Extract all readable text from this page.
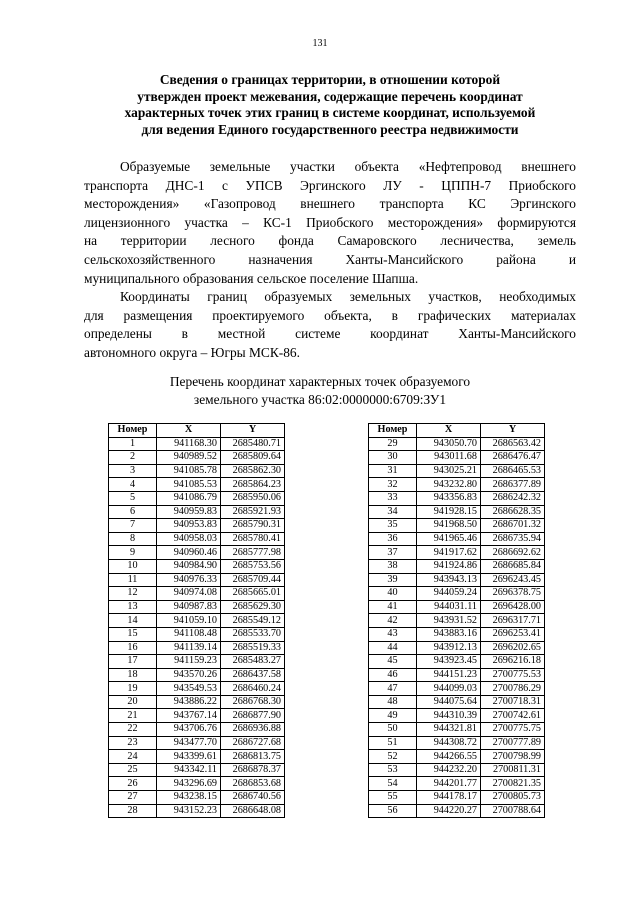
131
Сведения о границах территории, в отношении которой
утвержден проект межевания, содержащие перечень координат
характерных точек этих границ в системе координат, используемой
для ведения Единого государственного реестра недвижимости
Образуемые земельные участки объекта «Нефтепровод внешнего
транспорта ДНС-1 с УПСВ Эргинского ЛУ - ЦППН-7 Приобского
месторождения» «Газопровод внешнего транспорта КС Эргинского
лицензионного участка – КС-1 Приобского месторождения» формируются
на территории лесного фонда Самаровского лесничества, земель
сельскохозяйственного назначения Ханты-Мансийского района и
муниципального образования сельское поселение Шапша.
Координаты границ образуемых земельных участков, необходимых
для размещения проектируемого объекта, в графических материалах
определены в местной системе координат Ханты-Мансийского
автономного округа – Югры МСК-86.
Перечень координат характерных точек образуемого
земельного участка 86:02:0000000:6709:ЗУ1
Номер	X	Y
1	941168.30	2685480.71
2	940989.52	2685809.64
3	941085.78	2685862.30
4	941085.53	2685864.23
5	941086.79	2685950.06
6	940959.83	2685921.93
7	940953.83	2685790.31
8	940958.03	2685780.41
9	940960.46	2685777.98
10	940984.90	2685753.56
11	940976.33	2685709.44
12	940974.08	2685665.01
13	940987.83	2685629.30
14	941059.10	2685549.12
15	941108.48	2685533.70
16	941139.14	2685519.33
17	941159.23	2685483.27
18	943570.26	2686437.58
19	943549.53	2686460.24
20	943886.22	2686768.30
21	943767.14	2686877.90
22	943706.76	2686936.88
23	943477.70	2686727.68
24	943399.61	2686813.75
25	943342.11	2686878.37
26	943296.69	2686853.68
27	943238.15	2686740.56
28	943152.23	2686648.08
Номер	X	Y
29	943050.70	2686563.42
30	943011.68	2686476.47
31	943025.21	2686465.53
32	943232.80	2686377.89
33	943356.83	2686242.32
34	941928.15	2686628.35
35	941968.50	2686701.32
36	941965.46	2686735.94
37	941917.62	2686692.62
38	941924.86	2686685.84
39	943943.13	2696243.45
40	944059.24	2696378.75
41	944031.11	2696428.00
42	943931.52	2696317.71
43	943883.16	2696253.41
44	943912.13	2696202.65
45	943923.45	2696216.18
46	944151.23	2700775.53
47	944099.03	2700786.29
48	944075.64	2700718.31
49	944310.39	2700742.61
50	944321.81	2700775.75
51	944308.72	2700777.89
52	944266.55	2700798.99
53	944232.20	2700811.31
54	944201.77	2700821.35
55	944178.17	2700805.73
56	944220.27	2700788.64
